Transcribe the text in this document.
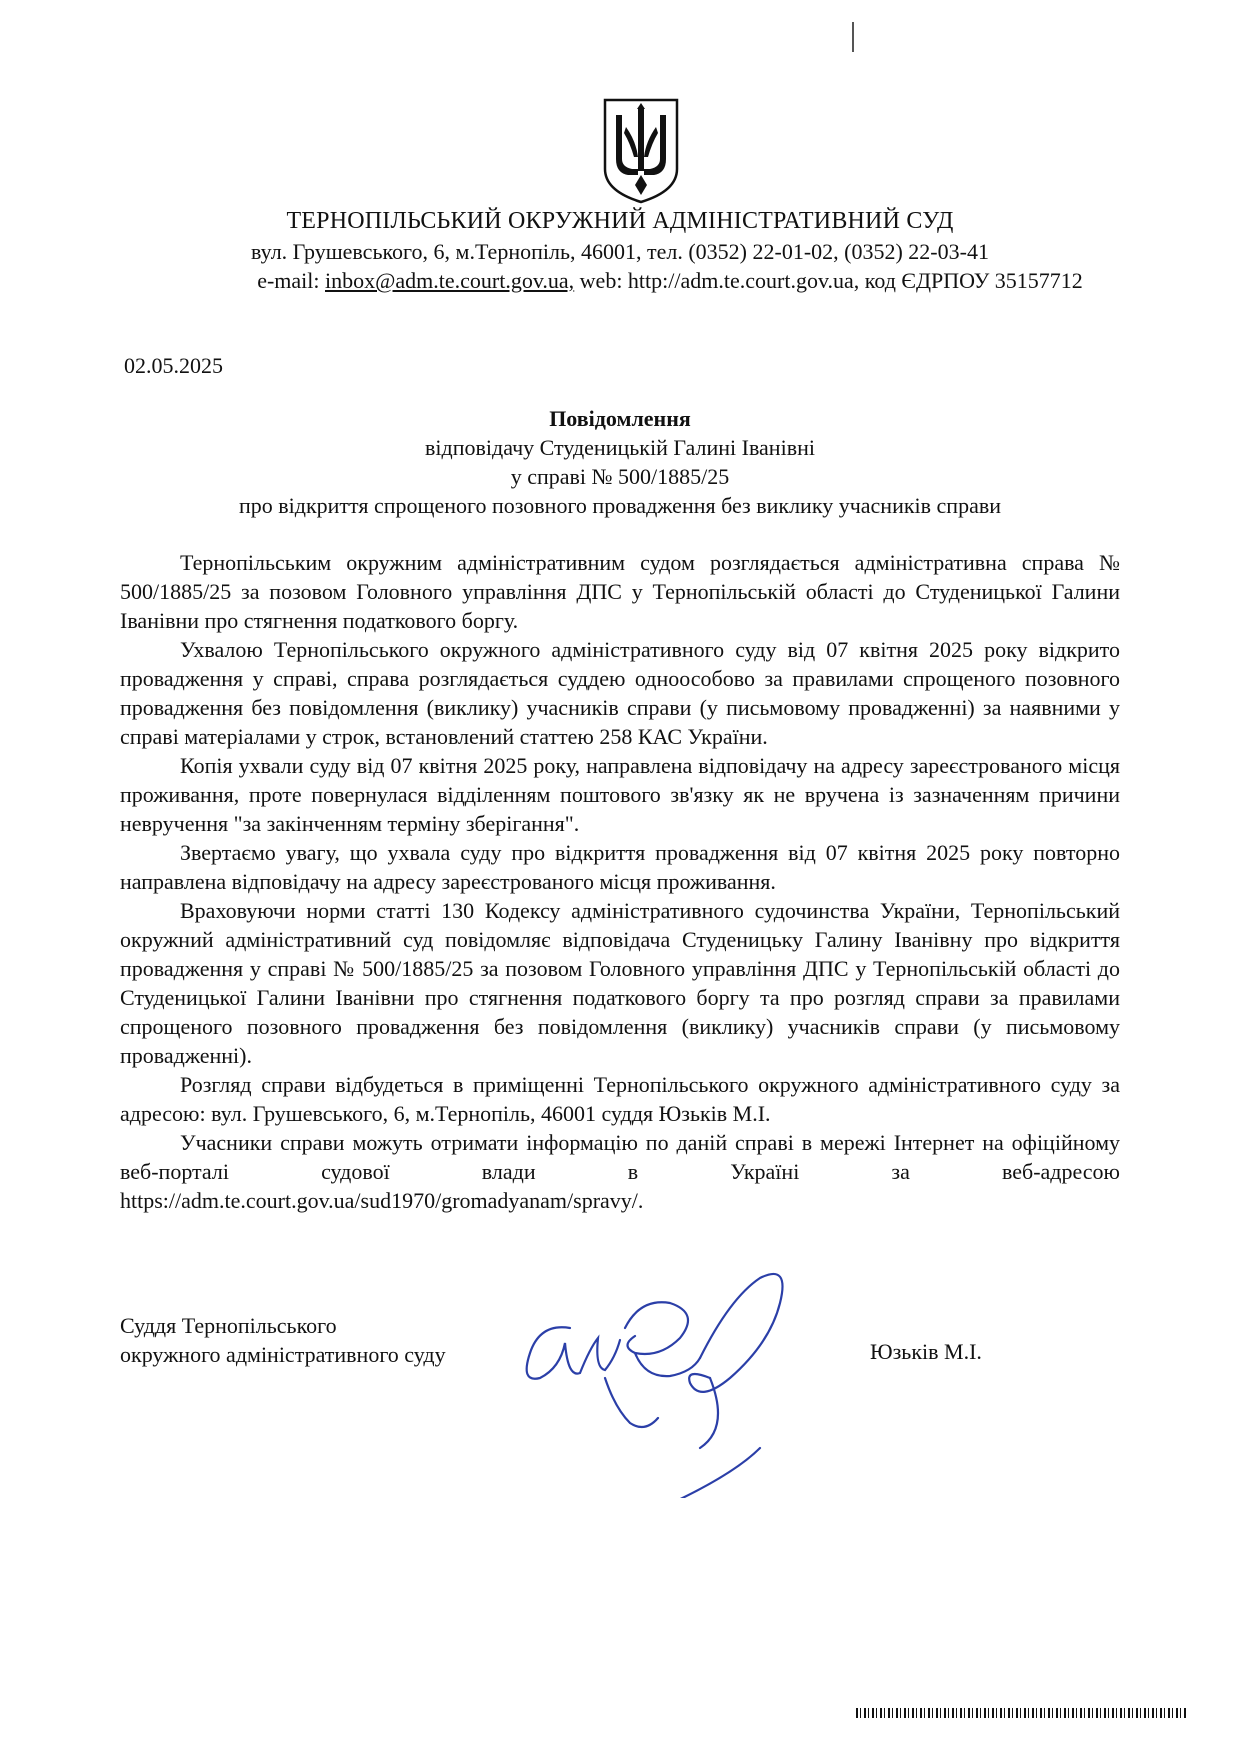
ТЕРНОПІЛЬСЬКИЙ ОКРУЖНИЙ АДМІНІСТРАТИВНИЙ СУД
вул. Грушевського, 6, м.Тернопіль, 46001, тел. (0352) 22-01-02, (0352) 22-03-41
e-mail: inbox@adm.te.court.gov.ua, web: http://adm.te.court.gov.ua, код ЄДРПОУ 35157712
02.05.2025
Повідомлення
відповідачу Студеницькій Галині Іванівні
у справі № 500/1885/25
про відкриття спрощеного позовного провадження без виклику учасників справи

Тернопільським окружним адміністративним судом розглядається адміністративна справа № 500/1885/25 за позовом Головного управління ДПС у Тернопільській області до Студеницької Галини Іванівни про стягнення податкового боргу.

Ухвалою Тернопільського окружного адміністративного суду від 07 квітня 2025 року відкрито провадження у справі, справа розглядається суддею одноособово за правилами спрощеного позовного провадження без повідомлення (виклику) учасників справи (у письмовому провадженні) за наявними у справі матеріалами у строк, встановлений статтею 258 КАС України.

Копія ухвали суду від 07 квітня 2025 року, направлена відповідачу на адресу зареєстрованого місця проживання, проте повернулася відділенням поштового зв'язку як не вручена із зазначенням причини невручення "за закінченням терміну зберігання".

Звертаємо увагу, що ухвала суду про відкриття провадження від 07 квітня 2025 року повторно направлена відповідачу на адресу зареєстрованого місця проживання.

Враховуючи норми статті 130 Кодексу адміністративного судочинства України, Тернопільський окружний адміністративний суд повідомляє відповідача Студеницьку Галину Іванівну про відкриття провадження у справі № 500/1885/25 за позовом Головного управління ДПС у Тернопільській області до Студеницької Галини Іванівни про стягнення податкового боргу та про розгляд справи за правилами спрощеного позовного провадження без повідомлення (виклику) учасників справи (у письмовому провадженні).

Розгляд справи відбудеться в приміщенні Тернопільського окружного адміністративного суду за адресою: вул. Грушевського, 6, м.Тернопіль, 46001 суддя Юзьків М.І.

Учасники справи можуть отримати інформацію по даній справі в мережі Інтернет на офіційному веб-порталі судової влади в Україні за веб-адресою https://adm.te.court.gov.ua/sud1970/gromadyanam/spravy/.

Суддя Тернопільського
окружного адміністративного суду	Юзьків М.І.
